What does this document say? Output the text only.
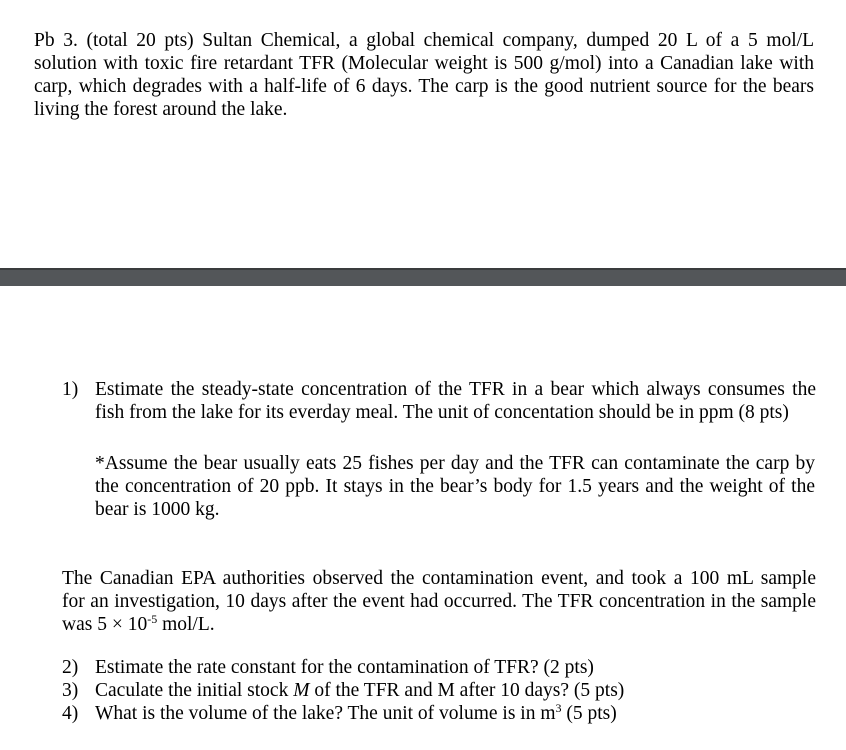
Pb 3. (total 20 pts) Sultan Chemical, a global chemical company, dumped 20 L of a 5 mol/L
solution with toxic fire retardant TFR (Molecular weight is 500 g/mol) into a Canadian lake with
carp, which degrades with a half-life of 6 days. The carp is the good nutrient source for the bears
living the forest around the lake.
1) Estimate the steady-state concentration of the TFR in a bear which always consumes the
fish from the lake for its everday meal. The unit of concentation should be in ppm (8 pts)
*Assume the bear usually eats 25 fishes per day and the TFR can contaminate the carp by
the concentration of 20 ppb. It stays in the bear’s body for 1.5 years and the weight of the
bear is 1000 kg.
The Canadian EPA authorities observed the contamination event, and took a 100 mL sample
for an investigation, 10 days after the event had occurred. The TFR concentration in the sample
was $5 \times 10^{-5}$ mol/L.
2) Estimate the rate constant for the contamination of TFR? (2 pts)
3) Caculate the initial stock M of the TFR and M after 10 days? (5 pts)
4) What is the volume of the lake? The unit of volume is in $m^3$ (5 pts)
